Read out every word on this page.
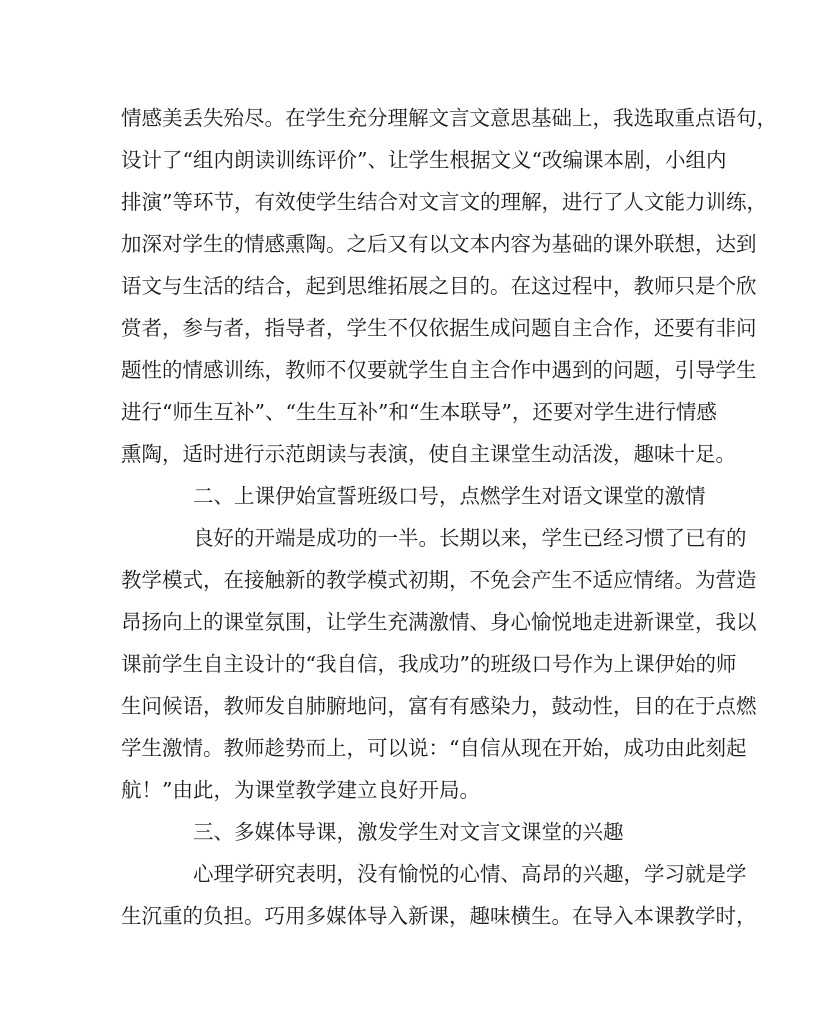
情感美丢失殆尽。在学生充分理解文言文意思基础上，我选取重点语句，
设计了“组内朗读训练评价”、让学生根据文义“改编课本剧，小组内
排演”等环节，有效使学生结合对文言文的理解，进行了人文能力训练，
加深对学生的情感熏陶。之后又有以文本内容为基础的课外联想，达到
语文与生活的结合，起到思维拓展之目的。在这过程中，教师只是个欣
赏者，参与者，指导者，学生不仅依据生成问题自主合作，还要有非问
题性的情感训练，教师不仅要就学生自主合作中遇到的问题，引导学生
进行“师生互补”、“生生互补”和“生本联导”，还要对学生进行情感
熏陶，适时进行示范朗读与表演，使自主课堂生动活泼，趣味十足。
二、上课伊始宣誓班级口号，点燃学生对语文课堂的激情
良好的开端是成功的一半。长期以来，学生已经习惯了已有的
教学模式，在接触新的教学模式初期，不免会产生不适应情绪。为营造
昂扬向上的课堂氛围，让学生充满激情、身心愉悦地走进新课堂，我以
课前学生自主设计的“我自信，我成功”的班级口号作为上课伊始的师
生问候语，教师发自肺腑地问，富有有感染力，鼓动性，目的在于点燃
学生激情。教师趁势而上，可以说：“自信从现在开始，成功由此刻起
航！”由此，为课堂教学建立良好开局。
三、多媒体导课，激发学生对文言文课堂的兴趣
心理学研究表明，没有愉悦的心情、高昂的兴趣，学习就是学
生沉重的负担。巧用多媒体导入新课，趣味横生。在导入本课教学时，
